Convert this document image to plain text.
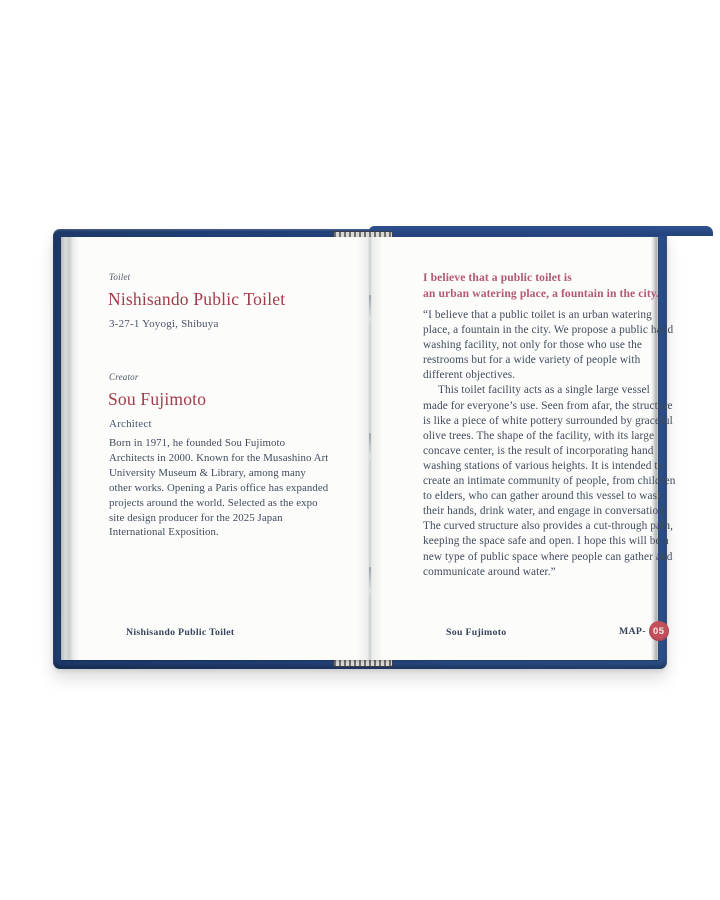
Toilet
Nishisando Public Toilet
3-27-1 Yoyogi, Shibuya
Creator
Sou Fujimoto
Architect
Born in 1971, he founded Sou Fujimoto Architects in 2000. Known for the Musashino Art University Museum & Library, among many other works. Opening a Paris office has expanded projects around the world. Selected as the expo site design producer for the 2025 Japan International Exposition.
Nishisando Public Toilet
I believe that a public toilet is
an urban watering place, a fountain in the city.

“I believe that a public toilet is an urban watering place, a fountain in the city. We propose a public hand washing facility, not only for those who use the restrooms but for a wide variety of people with different objectives.

This toilet facility acts as a single large vessel made for everyone’s use. Seen from afar, the structure is like a piece of white pottery surrounded by graceful olive trees. The shape of the facility, with its large concave center, is the result of incorporating hand washing stations of various heights. It is intended to create an intimate community of people, from children to elders, who can gather around this vessel to wash their hands, drink water, and engage in conversation. The curved structure also provides a cut-through path, keeping the space safe and open. I hope this will be a new type of public space where people can gather and communicate around water.”

Sou Fujimoto	MAP- 05
